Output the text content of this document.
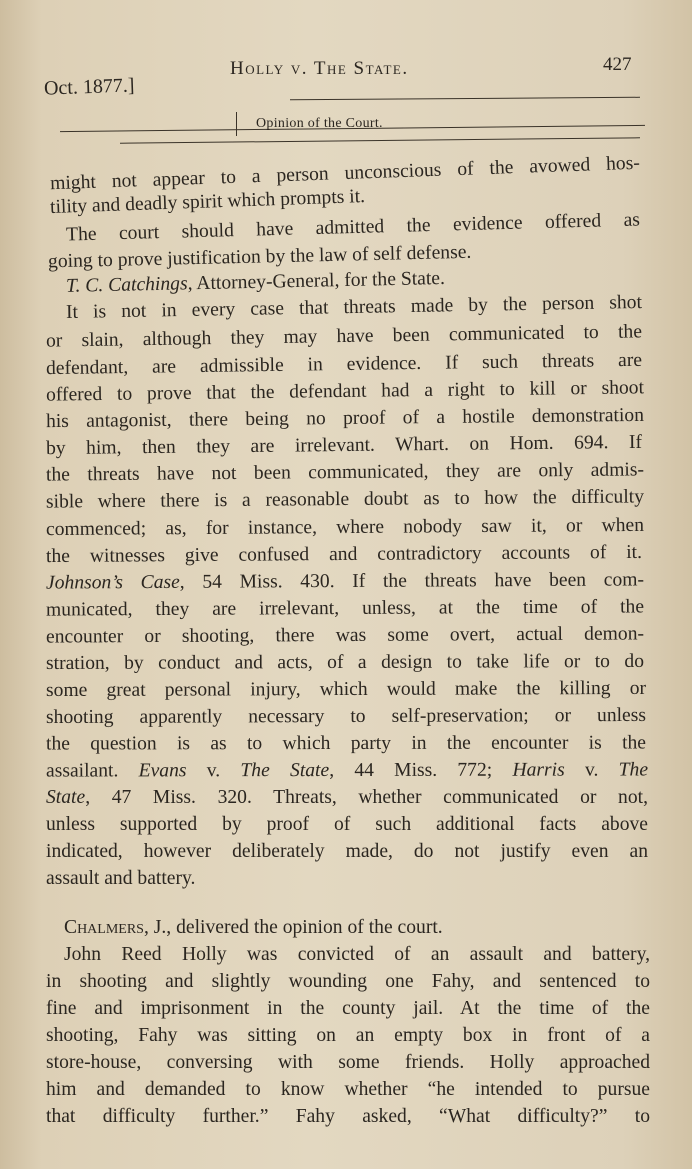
Oct. 1877.]
Holly v. The State.	427
Opinion of the Court.
might not appear to a person unconscious of the avowed hos-
tility and deadly spirit which prompts it.
The court should have admitted the evidence offered as
going to prove justification by the law of self defense.
T. C. Catchings, Attorney-General, for the State.
It is not in every case that threats made by the person shot
or slain, although they may have been communicated to the
defendant, are admissible in evidence. If such threats are
offered to prove that the defendant had a right to kill or shoot
his antagonist, there being no proof of a hostile demonstration
by him, then they are irrelevant. Whart. on Hom. 694. If
the threats have not been communicated, they are only admis-
sible where there is a reasonable doubt as to how the difficulty
commenced; as, for instance, where nobody saw it, or when
the witnesses give confused and contradictory accounts of it.
Johnson’s Case, 54 Miss. 430. If the threats have been com-
municated, they are irrelevant, unless, at the time of the
encounter or shooting, there was some overt, actual demon-
stration, by conduct and acts, of a design to take life or to do
some great personal injury, which would make the killing or
shooting apparently necessary to self-preservation; or unless
the question is as to which party in the encounter is the
assailant. Evans v. The State, 44 Miss. 772; Harris v. The
State, 47 Miss. 320. Threats, whether communicated or not,
unless supported by proof of such additional facts above
indicated, however deliberately made, do not justify even an
assault and battery.
Chalmers, J., delivered the opinion of the court.
John Reed Holly was convicted of an assault and battery,
in shooting and slightly wounding one Fahy, and sentenced to
fine and imprisonment in the county jail. At the time of the
shooting, Fahy was sitting on an empty box in front of a
store-house, conversing with some friends. Holly approached
him and demanded to know whether “he intended to pursue
that difficulty further.” Fahy asked, “What difficulty?” to
